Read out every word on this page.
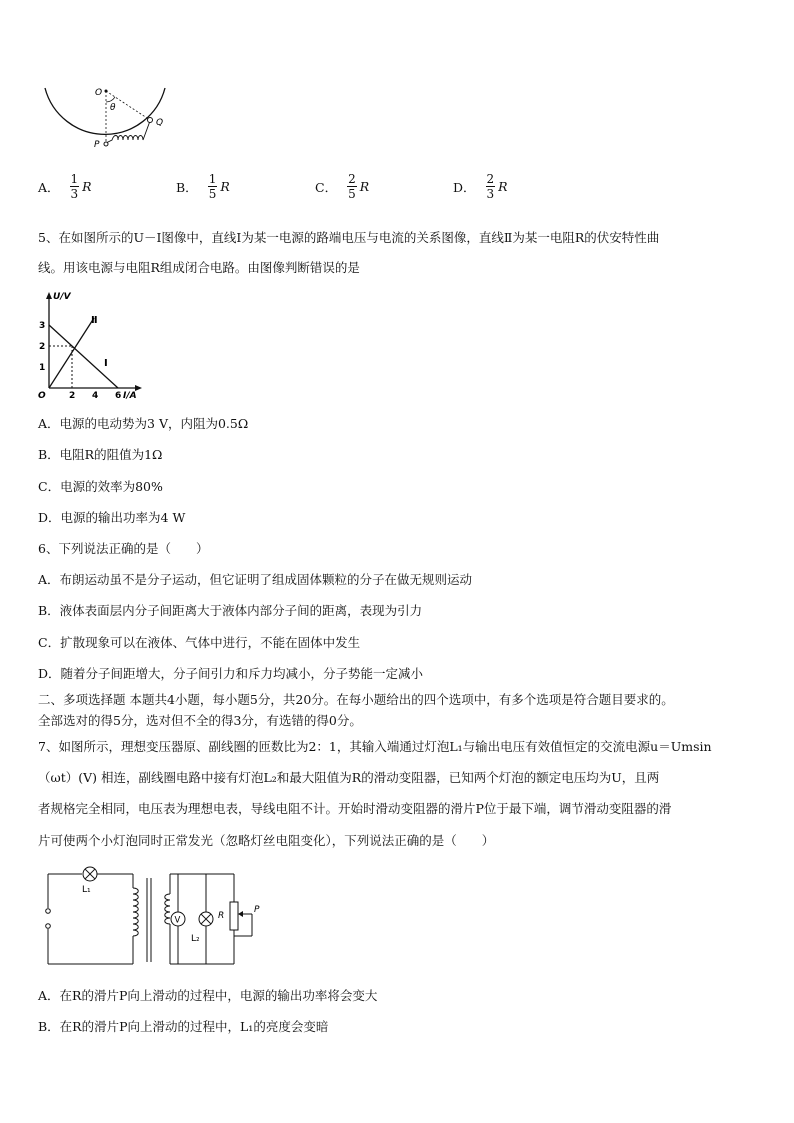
O
θ
P
Q
A． $\frac{1}{3}$ R	B． $\frac{1}{5}$ R	C． $\frac{2}{5}$ R	D． $\frac{2}{3}$ R
5、在如图所示的U－I图像中，直线Ⅰ为某一电源的路端电压与电流的关系图像，直线Ⅱ为某一电阻R的伏安特性曲
线。用该电源与电阻R组成闭合电路。由图像判断错误的是
U/V
I/A
O
1
2
3
2 4 6
Ⅰ
Ⅱ
A．电源的电动势为3 V，内阻为0.5Ω
B．电阻R的阻值为1Ω
C．电源的效率为80%
D．电源的输出功率为4 W
6、下列说法正确的是（　　）
A．布朗运动虽不是分子运动，但它证明了组成固体颗粒的分子在做无规则运动
B．液体表面层内分子间距离大于液体内部分子间的距离，表现为引力
C．扩散现象可以在液体、气体中进行，不能在固体中发生
D．随着分子间距增大，分子间引力和斥力均减小，分子势能一定减小
二、多项选择题 本题共4小题，每小题5分，共20分。在每小题给出的四个选项中，有多个选项是符合题目要求的。
全部选对的得5分，选对但不全的得3分，有选错的得0分。
7、如图所示，理想变压器原、副线圈的匝数比为2：1，其输入端通过灯泡L₁与输出电压有效值恒定的交流电源u＝Umsin
（ωt）(V) 相连，副线圈电路中接有灯泡L₂和最大阻值为R的滑动变阻器，已知两个灯泡的额定电压均为U，且两
者规格完全相同，电压表为理想电表，导线电阻不计。开始时滑动变阻器的滑片P位于最下端，调节滑动变阻器的滑
片可使两个小灯泡同时正常发光（忽略灯丝电阻变化），下列说法正确的是（　　）
L₁
V
L₂
R
P
A．在R的滑片P向上滑动的过程中，电源的输出功率将会变大
B．在R的滑片P向上滑动的过程中，L₁的亮度会变暗
